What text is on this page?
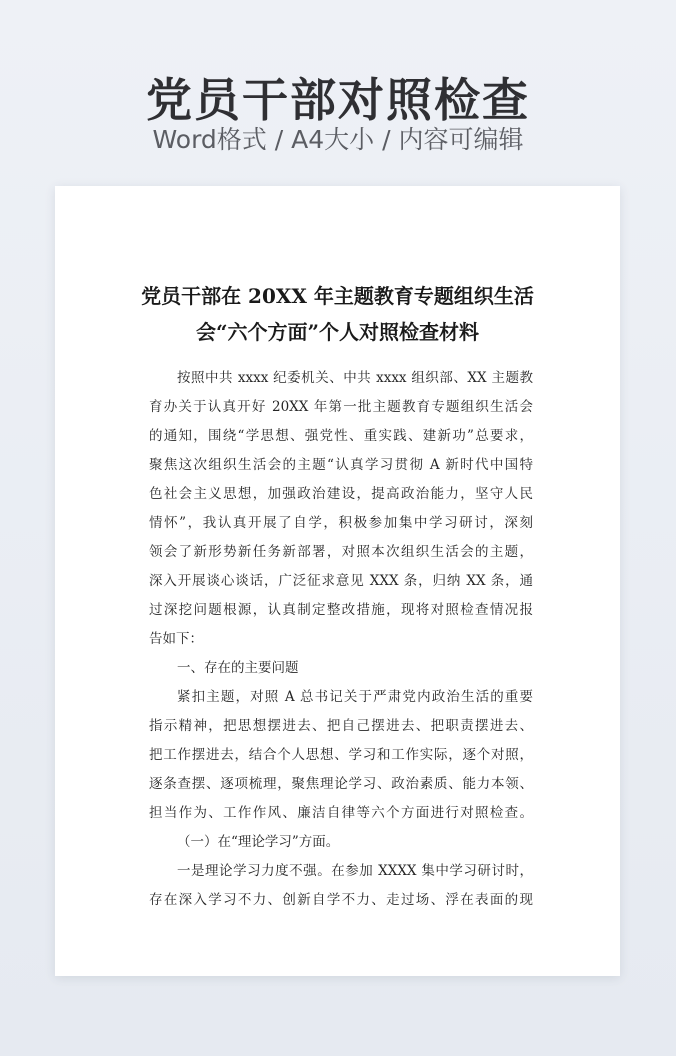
党员干部对照检查
Word格式 / A4大小 / 内容可编辑
党员干部在 20XX 年主题教育专题组织生活
会“六个方面”个人对照检查材料
按照中共 xxxx 纪委机关、中共 xxxx 组织部、XX 主题教
育办关于认真开好 20XX 年第一批主题教育专题组织生活会
的通知，围绕“学思想、强党性、重实践、建新功”总要求，
聚焦这次组织生活会的主题“认真学习贯彻 A 新时代中国特
色社会主义思想，加强政治建设，提高政治能力，坚守人民
情怀”，我认真开展了自学，积极参加集中学习研讨，深刻
领会了新形势新任务新部署，对照本次组织生活会的主题，
深入开展谈心谈话，广泛征求意见 XXX 条，归纳 XX 条，通
过深挖问题根源，认真制定整改措施，现将对照检查情况报
告如下：
一、存在的主要问题
紧扣主题，对照 A 总书记关于严肃党内政治生活的重要
指示精神，把思想摆进去、把自己摆进去、把职责摆进去、
把工作摆进去，结合个人思想、学习和工作实际，逐个对照，
逐条查摆、逐项梳理，聚焦理论学习、政治素质、能力本领、
担当作为、工作作风、廉洁自律等六个方面进行对照检查。
（一）在“理论学习”方面。
一是理论学习力度不强。在参加 XXXX 集中学习研讨时，
存在深入学习不力、创新自学不力、走过场、浮在表面的现
